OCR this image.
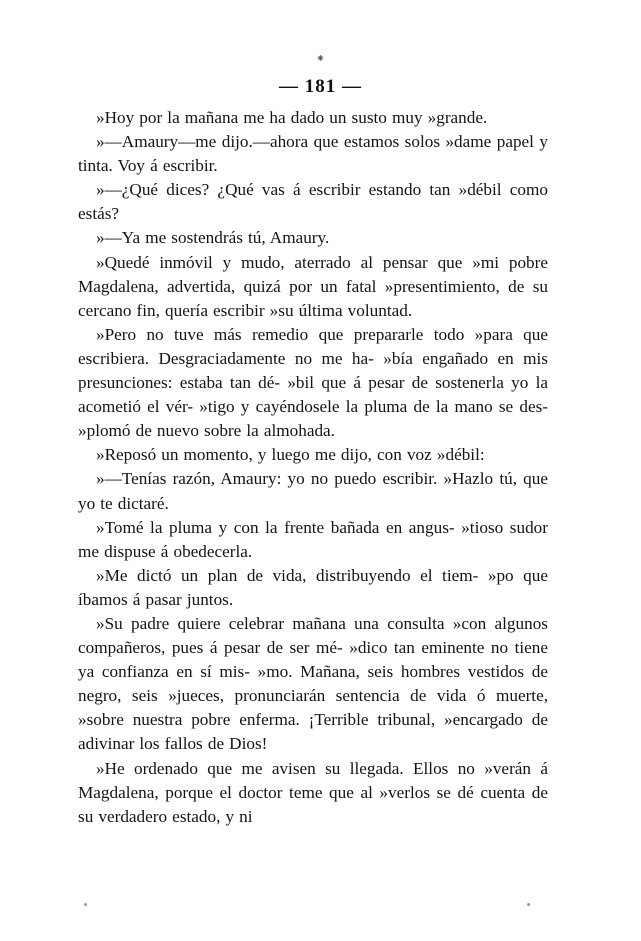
⁕
— 181 —

»Hoy por la mañana me ha dado un susto muy »grande.

»—Amaury—me dijo.—ahora que estamos solos »dame papel y tinta. Voy á escribir.

»—¿Qué dices? ¿Qué vas á escribir estando tan »débil como estás?

»—Ya me sostendrás tú, Amaury.

»Quedé inmóvil y mudo, aterrado al pensar que »mi pobre Magdalena, advertida, quizá por un fatal »presentimiento, de su cercano fin, quería escribir »su última voluntad.

»Pero no tuve más remedio que prepararle todo »para que escribiera. Desgraciadamente no me ha- »bía engañado en mis presunciones: estaba tan dé- »bil que á pesar de sostenerla yo la acometió el vér- »tigo y cayéndosele la pluma de la mano se des- »plomó de nuevo sobre la almohada.

»Reposó un momento, y luego me dijo, con voz »débil:

»—Tenías razón, Amaury: yo no puedo escribir. »Hazlo tú, que yo te dictaré.

»Tomé la pluma y con la frente bañada en angus- »tioso sudor me dispuse á obedecerla.

»Me dictó un plan de vida, distribuyendo el tiem- »po que íbamos á pasar juntos.

»Su padre quiere celebrar mañana una consulta »con algunos compañeros, pues á pesar de ser mé- »dico tan eminente no tiene ya confianza en sí mis- »mo. Mañana, seis hombres vestidos de negro, seis »jueces, pronunciarán sentencia de vida ó muerte, »sobre nuestra pobre enferma. ¡Terrible tribunal, »encargado de adivinar los fallos de Dios!

»He ordenado que me avisen su llegada. Ellos no »verán á Magdalena, porque el doctor teme que al »verlos se dé cuenta de su verdadero estado, y ni
